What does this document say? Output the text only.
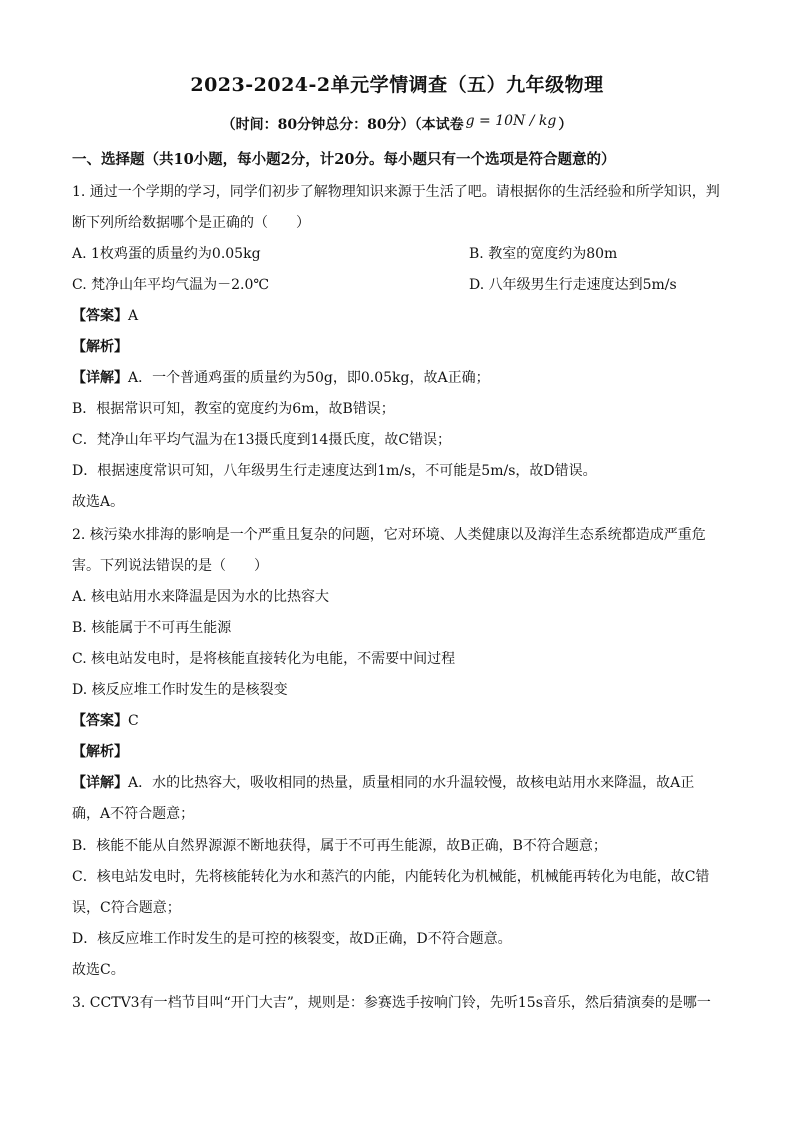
2023-2024-2单元学情调查（五）九年级物理
（时间：80分钟总分：80分）（本试卷 g = 10N / kg ）
一、选择题（共10小题，每小题2分，计20分。每小题只有一个选项是符合题意的）
1. 通过一个学期的学习，同学们初步了解物理知识来源于生活了吧。请根据你的生活经验和所学知识，判
断下列所给数据哪个是正确的（　　）
A. 1枚鸡蛋的质量约为0.05kg	B. 教室的宽度约为80m
C. 梵净山年平均气温为－2.0℃	D. 八年级男生行走速度达到5m/s
【答案】A
【解析】
【详解】A．一个普通鸡蛋的质量约为50g，即0.05kg，故A正确；
B．根据常识可知，教室的宽度约为6m，故B错误；
C．梵净山年平均气温为在13摄氏度到14摄氏度，故C错误；
D．根据速度常识可知，八年级男生行走速度达到1m/s，不可能是5m/s，故D错误。
故选A。
2. 核污染水排海的影响是一个严重且复杂的问题，它对环境、人类健康以及海洋生态系统都造成严重危
害。下列说法错误的是（　　）
A. 核电站用水来降温是因为水的比热容大
B. 核能属于不可再生能源
C. 核电站发电时，是将核能直接转化为电能，不需要中间过程
D. 核反应堆工作时发生的是核裂变
【答案】C
【解析】
【详解】A．水的比热容大，吸收相同的热量，质量相同的水升温较慢，故核电站用水来降温，故A正
确，A不符合题意；
B．核能不能从自然界源源不断地获得，属于不可再生能源，故B正确，B不符合题意；
C．核电站发电时，先将核能转化为水和蒸汽的内能，内能转化为机械能，机械能再转化为电能，故C错
误，C符合题意；
D．核反应堆工作时发生的是可控的核裂变，故D正确，D不符合题意。
故选C。
3. CCTV3有一档节目叫“开门大吉”，规则是：参赛选手按响门铃，先听15s音乐，然后猜演奏的是哪一
